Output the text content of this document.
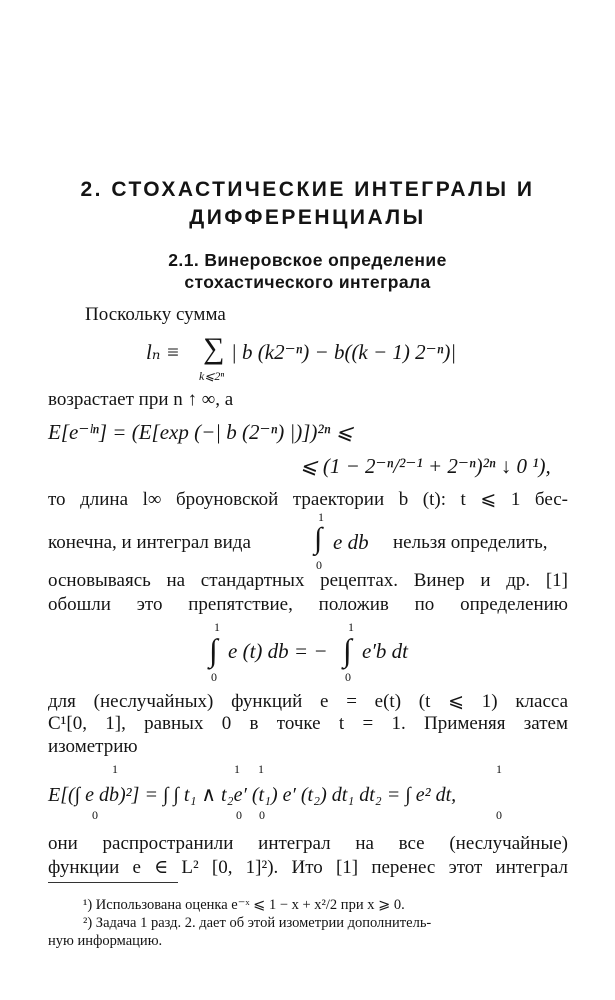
2. СТОХАСТИЧЕСКИЕ ИНТЕГРАЛЫ И
ДИФФЕРЕНЦИАЛЫ
2.1. Винеровское определение
стохастического интеграла
Поскольку сумма
lₙ ≡ ∑
k⩽2ⁿ
| b (k2⁻ⁿ) − b((k − 1) 2⁻ⁿ)|
возрастает при n ↑ ∞, а
E[e⁻ˡⁿ] = (E[exp (−| b (2⁻ⁿ) |)])²ⁿ ⩽
⩽ (1 − 2⁻ⁿ/²⁻¹ + 2⁻ⁿ)²ⁿ ↓ 0 ¹),
то длина l∞ броуновской траектории b (t): t ⩽ 1 бес-
конечна, и интеграл вида
1
∫
0
e db нельзя определить,
основываясь на стандартных рецептах. Винер и др. [1]
обошли это препятствие, положив по определению
1
∫
0
e (t) db = −
1
∫
0
e′b dt
для (неслучайных) функций e = e(t) (t ⩽ 1) класса
C¹[0, 1], равных 0 в точке t = 1. Применяя затем
изометрию
E[(∫ e db)²] = ∫ ∫ t₁ ∧ t₂e′ (t₁) e′ (t₂) dt₁ dt₂ = ∫ e² dt,
1
0
1
0
1
0
1
0
они распространили интеграл на все (неслучайные)
функции e ∈ L² [0, 1]²). Ито [1] перенес этот интеграл
¹) Использована оценка e⁻ˣ ⩽ 1 − x + x²/2 при x ⩾ 0.
²) Задача 1 разд. 2. дает об этой изометрии дополнитель-
ную информацию.
